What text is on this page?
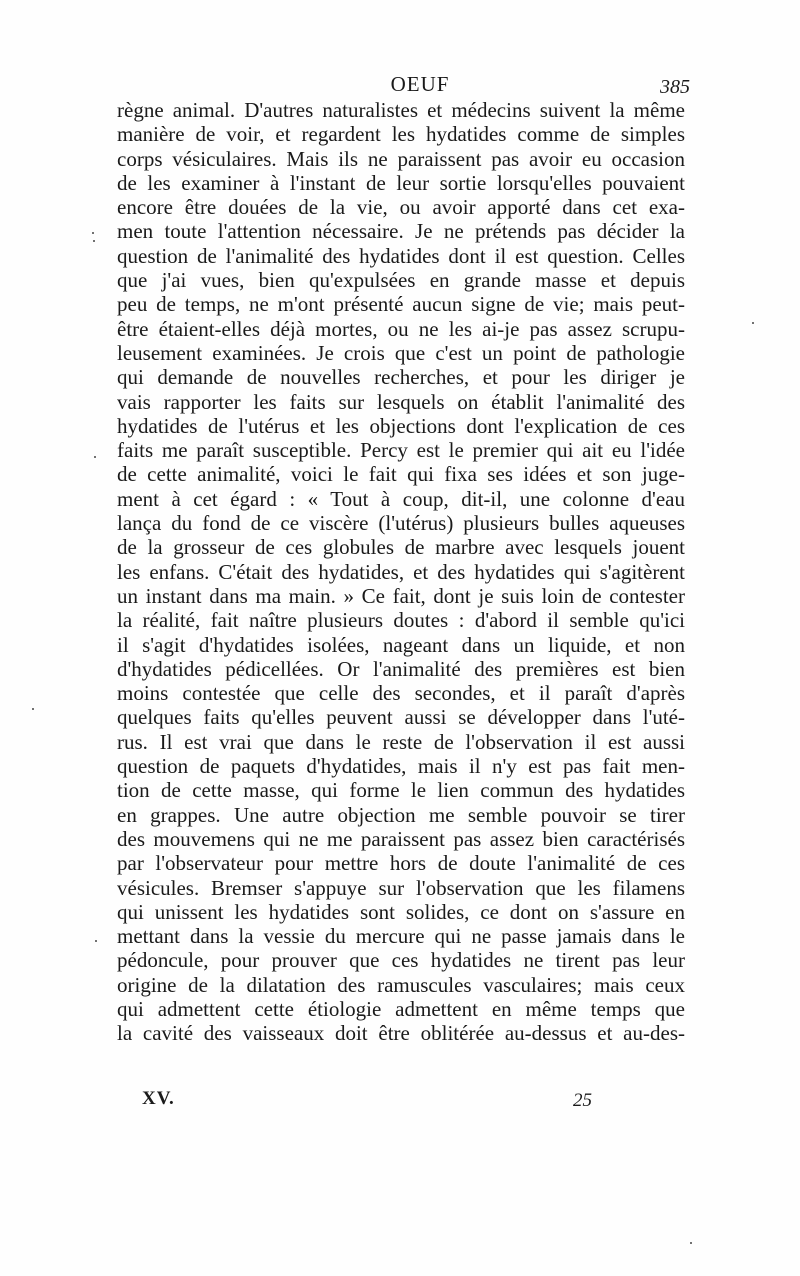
OEUF	385
règne animal. D'autres naturalistes et médecins suivent la même
manière de voir, et regardent les hydatides comme de simples
corps vésiculaires. Mais ils ne paraissent pas avoir eu occasion
de les examiner à l'instant de leur sortie lorsqu'elles pouvaient
encore être douées de la vie, ou avoir apporté dans cet exa-
men toute l'attention nécessaire. Je ne prétends pas décider la
question de l'animalité des hydatides dont il est question. Celles
que j'ai vues, bien qu'expulsées en grande masse et depuis
peu de temps, ne m'ont présenté aucun signe de vie; mais peut-
être étaient-elles déjà mortes, ou ne les ai-je pas assez scrupu-
leusement examinées. Je crois que c'est un point de pathologie
qui demande de nouvelles recherches, et pour les diriger je
vais rapporter les faits sur lesquels on établit l'animalité des
hydatides de l'utérus et les objections dont l'explication de ces
faits me paraît susceptible. Percy est le premier qui ait eu l'idée
de cette animalité, voici le fait qui fixa ses idées et son juge-
ment à cet égard : « Tout à coup, dit-il, une colonne d'eau
lança du fond de ce viscère (l'utérus) plusieurs bulles aqueuses
de la grosseur de ces globules de marbre avec lesquels jouent
les enfans. C'était des hydatides, et des hydatides qui s'agitèrent
un instant dans ma main. » Ce fait, dont je suis loin de contester
la réalité, fait naître plusieurs doutes : d'abord il semble qu'ici
il s'agit d'hydatides isolées, nageant dans un liquide, et non
d'hydatides pédicellées. Or l'animalité des premières est bien
moins contestée que celle des secondes, et il paraît d'après
quelques faits qu'elles peuvent aussi se développer dans l'uté-
rus. Il est vrai que dans le reste de l'observation il est aussi
question de paquets d'hydatides, mais il n'y est pas fait men-
tion de cette masse, qui forme le lien commun des hydatides
en grappes. Une autre objection me semble pouvoir se tirer
des mouvemens qui ne me paraissent pas assez bien caractérisés
par l'observateur pour mettre hors de doute l'animalité de ces
vésicules. Bremser s'appuye sur l'observation que les filamens
qui unissent les hydatides sont solides, ce dont on s'assure en
mettant dans la vessie du mercure qui ne passe jamais dans le
pédoncule, pour prouver que ces hydatides ne tirent pas leur
origine de la dilatation des ramuscules vasculaires; mais ceux
qui admettent cette étiologie admettent en même temps que
la cavité des vaisseaux doit être oblitérée au-dessus et au-des-
XV.	25
